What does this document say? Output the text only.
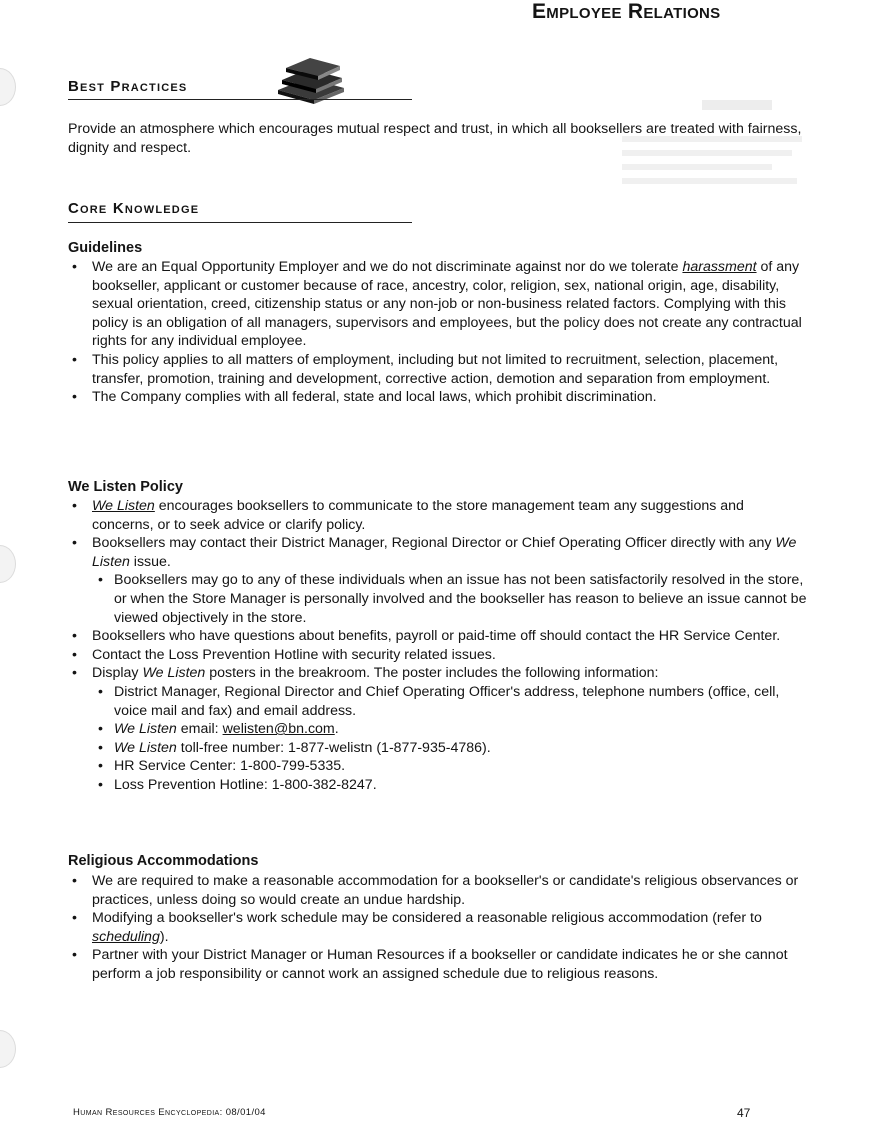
Employee Relations
Best Practices

Provide an atmosphere which encourages mutual respect and trust, in which all booksellers are treated with fairness, dignity and respect.

Core Knowledge
Guidelines
• We are an Equal Opportunity Employer and we do not discriminate against nor do we tolerate harassment of any bookseller, applicant or customer because of race, ancestry, color, religion, sex, national origin, age, disability, sexual orientation, creed, citizenship status or any non-job or non-business related factors. Complying with this policy is an obligation of all managers, supervisors and employees, but the policy does not create any contractual rights for any individual employee.
• This policy applies to all matters of employment, including but not limited to recruitment, selection, placement, transfer, promotion, training and development, corrective action, demotion and separation from employment.
• The Company complies with all federal, state and local laws, which prohibit discrimination.
We Listen Policy
• We Listen encourages booksellers to communicate to the store management team any suggestions and concerns, or to seek advice or clarify policy.
• Booksellers may contact their District Manager, Regional Director or Chief Operating Officer directly with any We Listen issue.
• Booksellers may go to any of these individuals when an issue has not been satisfactorily resolved in the store, or when the Store Manager is personally involved and the bookseller has reason to believe an issue cannot be viewed objectively in the store.
• Booksellers who have questions about benefits, payroll or paid-time off should contact the HR Service Center.
• Contact the Loss Prevention Hotline with security related issues.
• Display We Listen posters in the breakroom. The poster includes the following information:
• District Manager, Regional Director and Chief Operating Officer's address, telephone numbers (office, cell, voice mail and fax) and email address.
• We Listen email: welisten@bn.com.
• We Listen toll-free number: 1-877-welistn (1-877-935-4786).
• HR Service Center: 1-800-799-5335.
• Loss Prevention Hotline: 1-800-382-8247.
Religious Accommodations
• We are required to make a reasonable accommodation for a bookseller's or candidate's religious observances or practices, unless doing so would create an undue hardship.
• Modifying a bookseller's work schedule may be considered a reasonable religious accommodation (refer to scheduling).
• Partner with your District Manager or Human Resources if a bookseller or candidate indicates he or she cannot perform a job responsibility or cannot work an assigned schedule due to religious reasons.

Human Resources Encyclopedia: 08/01/04	47
